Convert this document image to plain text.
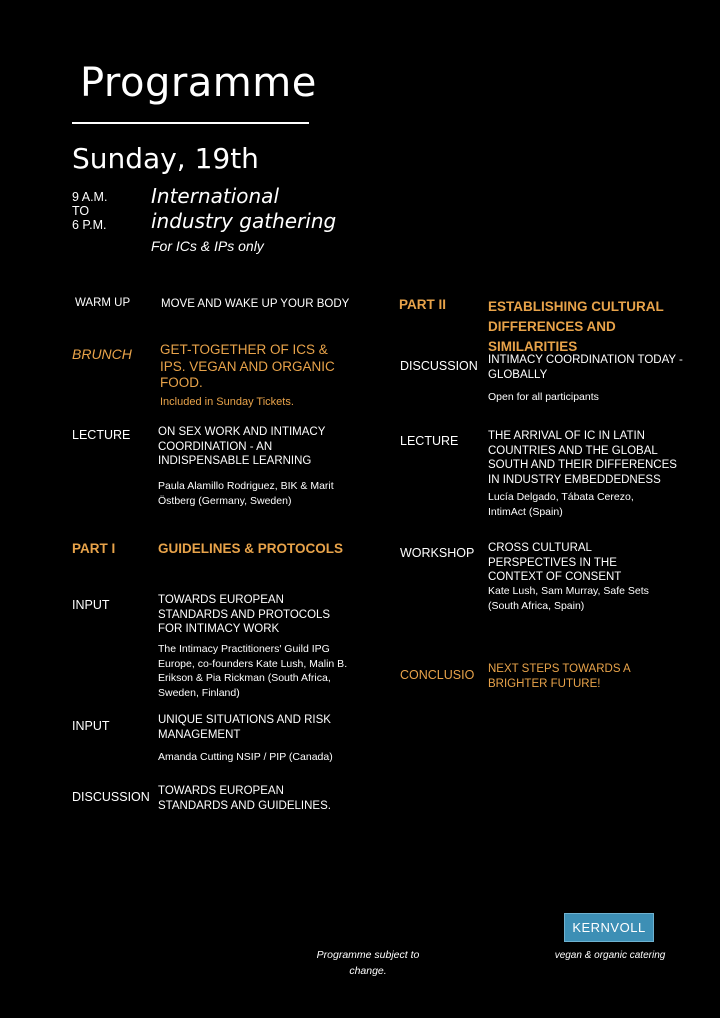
Programme
Sunday, 19th
9 A.M.
TO
6 P.M.
International
industry gathering
For ICs & IPs only
WARM UP	MOVE AND WAKE UP YOUR BODY
BRUNCH	GET-TOGETHER OF ICS & IPS. VEGAN AND ORGANIC FOOD.
Included in Sunday Tickets.
LECTURE	ON SEX WORK AND INTIMACY COORDINATION - AN INDISPENSABLE LEARNING
Paula Alamillo Rodriguez, BIK & Marit Östberg (Germany, Sweden)
PART I	GUIDELINES & PROTOCOLS
INPUT	TOWARDS EUROPEAN STANDARDS AND PROTOCOLS FOR INTIMACY WORK
The Intimacy Practitioners' Guild IPG Europe, co-founders Kate Lush, Malin B. Erikson & Pia Rickman (South Africa, Sweden, Finland)
INPUT	UNIQUE SITUATIONS AND RISK MANAGEMENT
Amanda Cutting NSIP / PIP (Canada)
DISCUSSION TOWARDS EUROPEAN STANDARDS AND GUIDELINES.
PART II	ESTABLISHING CULTURAL DIFFERENCES AND SIMILARITIES
DISCUSSION INTIMACY COORDINATION TODAY - GLOBALLY
Open for all participants
LECTURE	THE ARRIVAL OF IC IN LATIN COUNTRIES AND THE GLOBAL SOUTH AND THEIR DIFFERENCES IN INDUSTRY EMBEDDEDNESS
Lucía Delgado, Tábata Cerezo, IntimAct (Spain)
WORKSHOP	CROSS CULTURAL PERSPECTIVES IN THE CONTEXT OF CONSENT
Kate Lush, Sam Murray, Safe Sets (South Africa, Spain)
CONCLUSIO	NEXT STEPS TOWARDS A BRIGHTER FUTURE!
Programme subject to change.
KERNVOLL
vegan & organic catering
